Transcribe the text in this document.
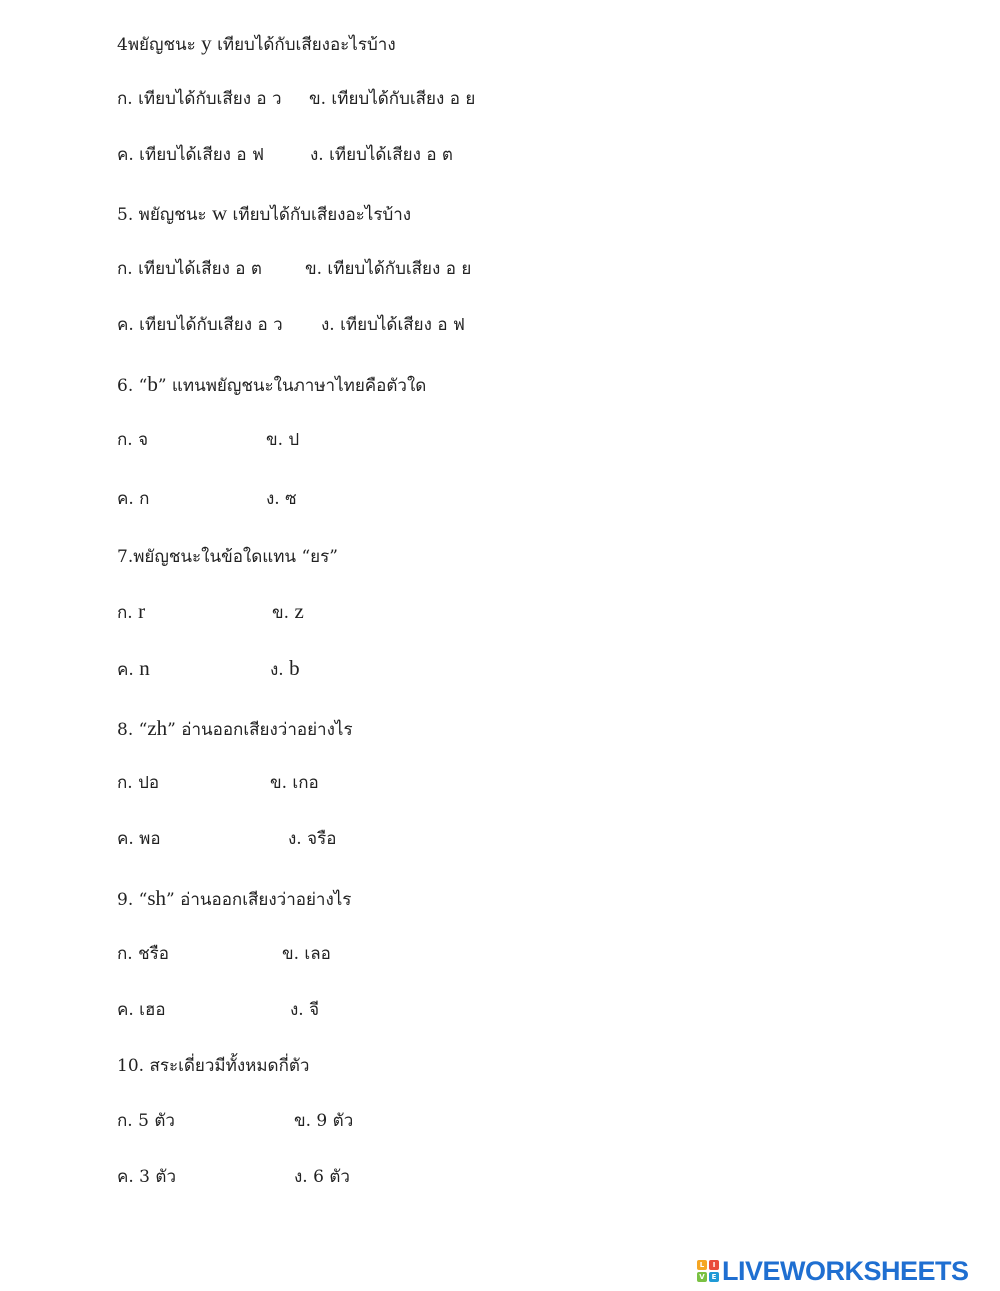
4พยัญชนะ y เทียบได้กับเสียงอะไรบ้าง
ก. เทียบได้กับเสียง อ ว ข. เทียบได้กับเสียง อ ย
ค. เทียบได้เสียง อ ฟ	ง. เทียบได้เสียง อ ต
5. พยัญชนะ w เทียบได้กับเสียงอะไรบ้าง
ก. เทียบได้เสียง อ ต	ข. เทียบได้กับเสียง อ ย
ค. เทียบได้กับเสียง อ ว ง. เทียบได้เสียง อ ฟ
6. “b” แทนพยัญชนะในภาษาไทยคือตัวใด
ก. จ	ข. ป
ค. ก	ง. ซ
7.พยัญชนะในข้อใดแทน “ยร”
ก. r	ข. z
ค. n	ง. b
8. “zh” อ่านออกเสียงว่าอย่างไร
ก. ปอ	ข. เกอ
ค. พอ	ง. จรือ
9. “sh” อ่านออกเสียงว่าอย่างไร
ก. ชรือ	ข. เลอ
ค. เฮอ	ง. จี
10. สระเดี่ยวมีทั้งหมดกี่ตัว
ก. 5 ตัว	ข. 9 ตัว
ค. 3 ตัว	ง. 6 ตัว
L	I
V E LIVEWORKSHEETS
